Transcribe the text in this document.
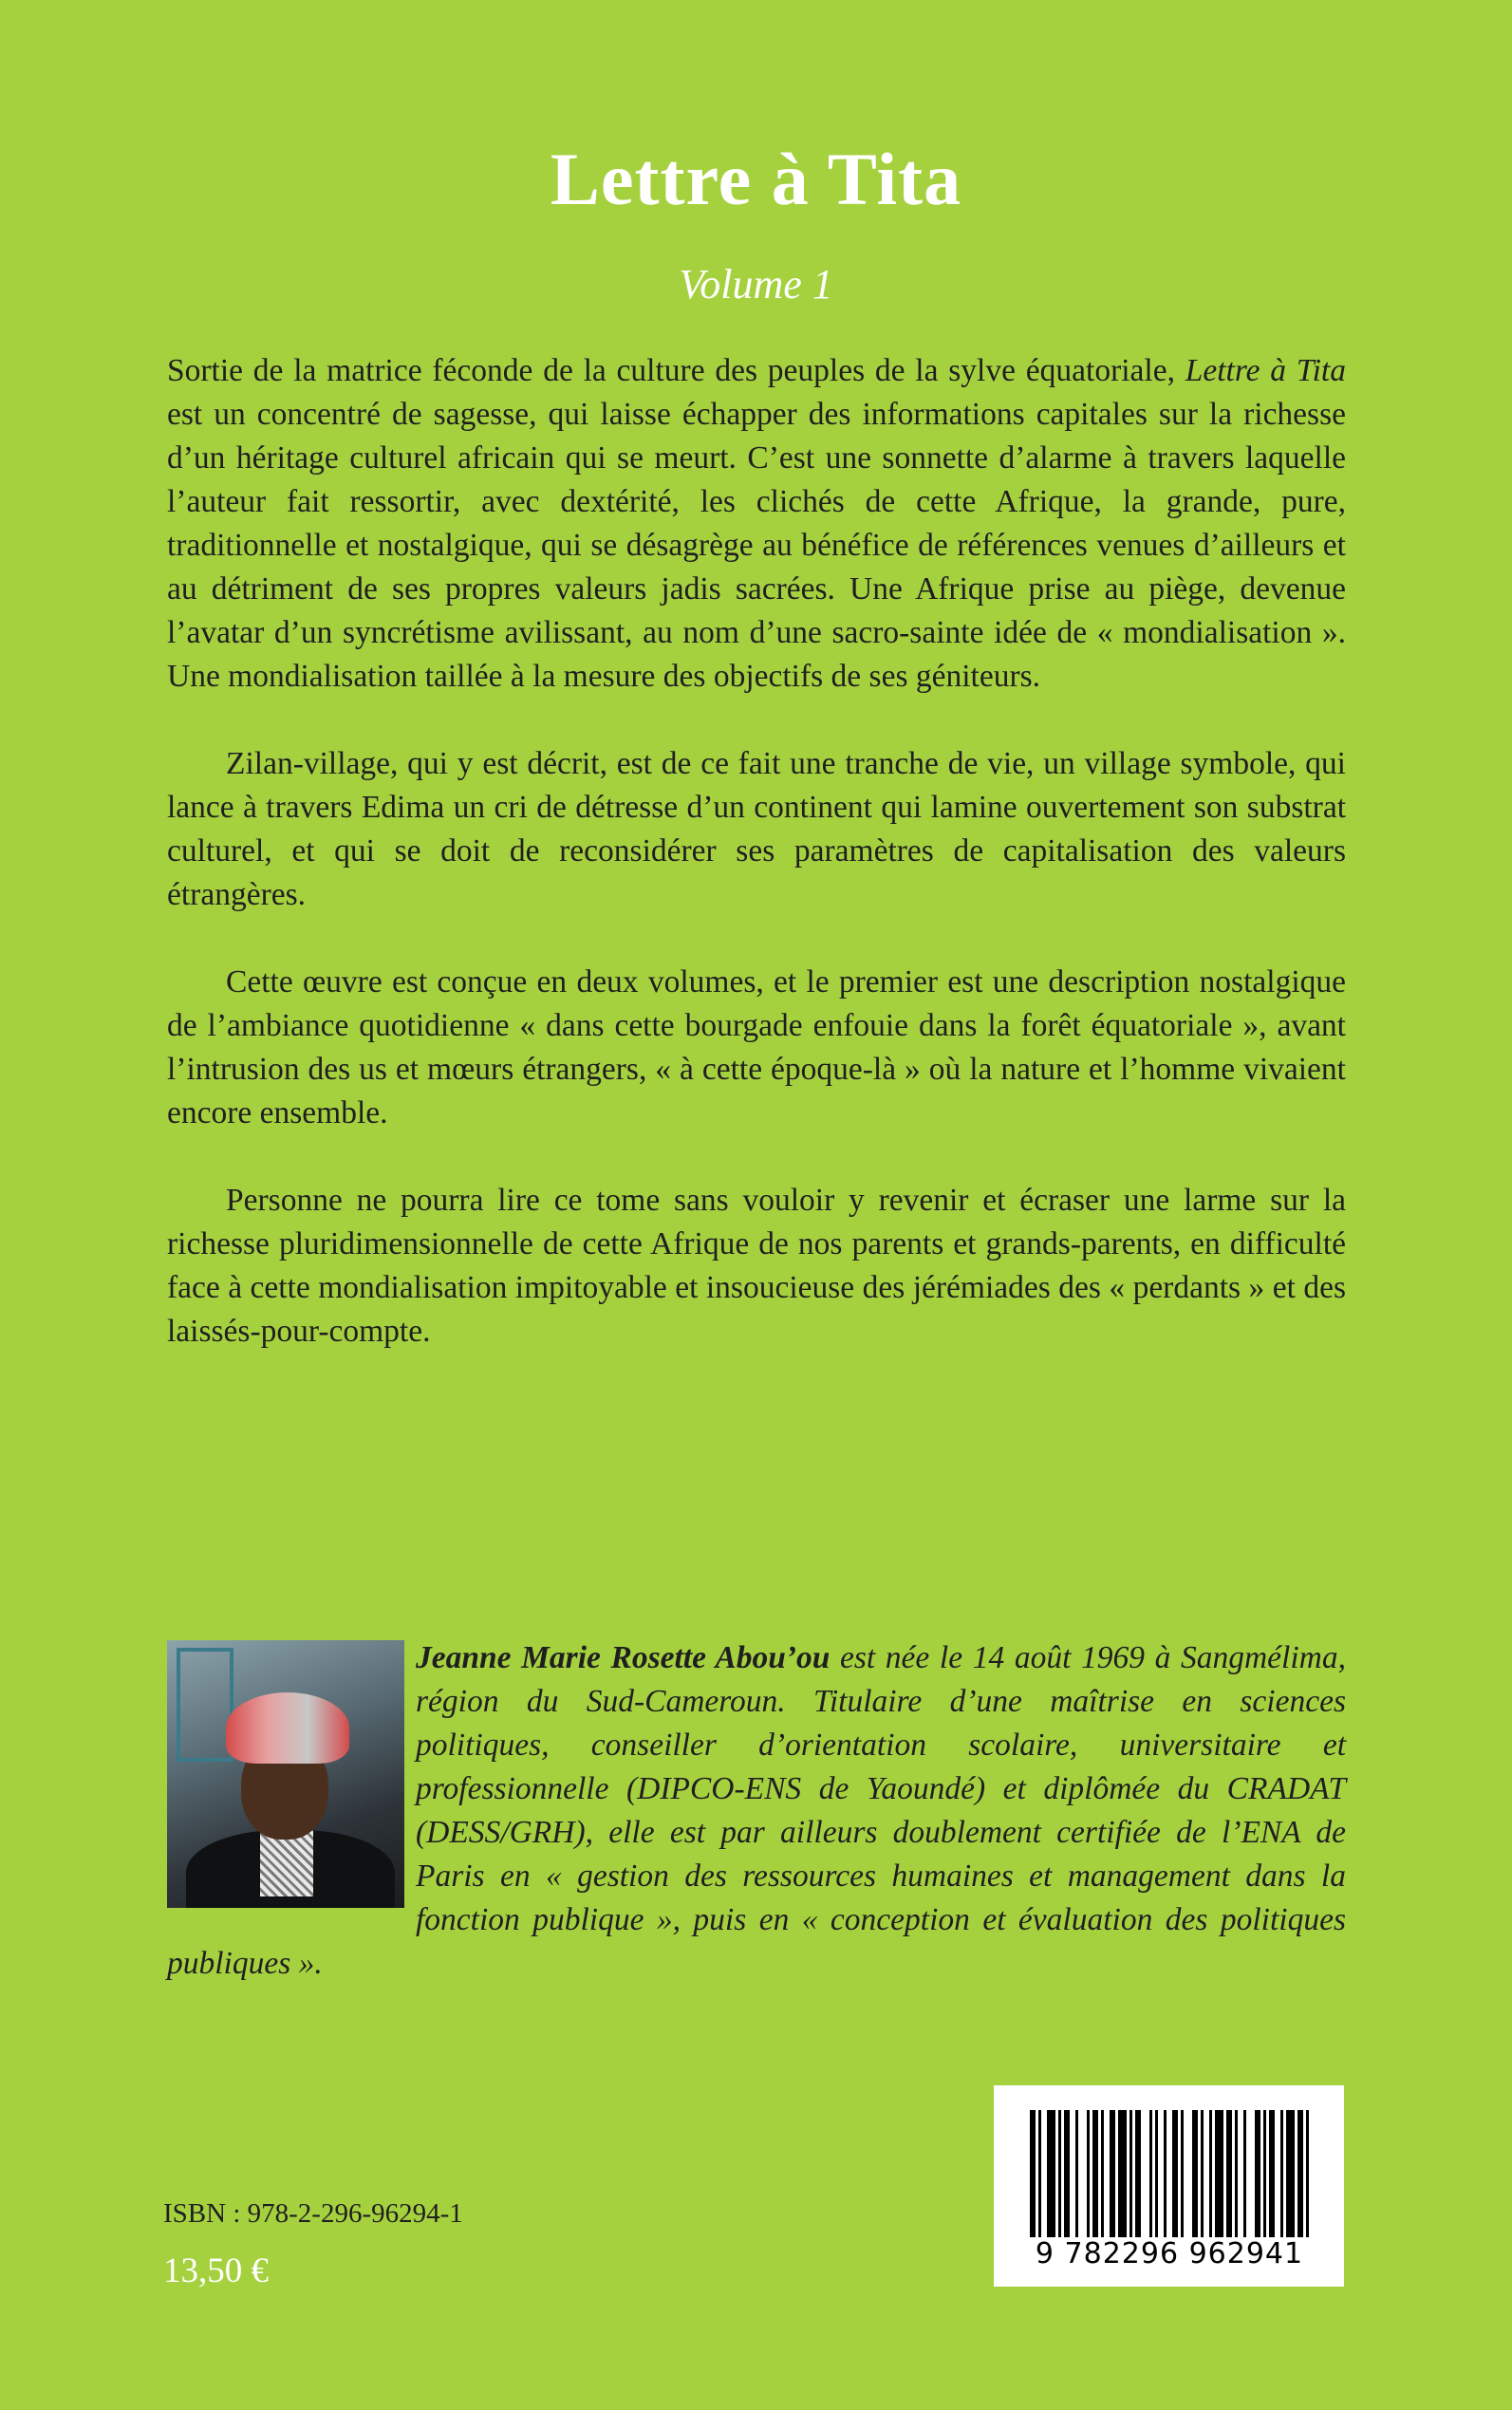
Lettre à Tita
Volume 1

Sortie de la matrice féconde de la culture des peuples de la sylve équatoriale, Lettre à Tita est un concentré de sagesse, qui laisse échapper des informations capitales sur la richesse d’un héritage culturel africain qui se meurt. C’est une sonnette d’alarme à travers laquelle l’auteur fait ressortir, avec dextérité, les clichés de cette Afrique, la grande, pure, traditionnelle et nostalgique, qui se désagrège au bénéfice de références venues d’ailleurs et au détriment de ses propres valeurs jadis sacrées. Une Afrique prise au piège, devenue l’avatar d’un syncrétisme avilissant, au nom d’une sacro-sainte idée de « mondialisation ». Une mondialisation taillée à la mesure des objectifs de ses géniteurs.

Zilan-village, qui y est décrit, est de ce fait une tranche de vie, un village symbole, qui lance à travers Edima un cri de détresse d’un continent qui lamine ouvertement son substrat culturel, et qui se doit de reconsidérer ses paramètres de capitalisation des valeurs étrangères.

Cette œuvre est conçue en deux volumes, et le premier est une description nostalgique de l’ambiance quotidienne « dans cette bourgade enfouie dans la forêt équatoriale », avant l’intrusion des us et mœurs étrangers, « à cette époque-là » où la nature et l’homme vivaient encore ensemble.

Personne ne pourra lire ce tome sans vouloir y revenir et écraser une larme sur la richesse pluridimensionnelle de cette Afrique de nos parents et grands-parents, en difficulté face à cette mondialisation impitoyable et insoucieuse des jérémiades des « perdants » et des laissés-pour-compte.

Jeanne Marie Rosette Abou’ou est née le 14 août 1969 à Sangmélima, région du Sud-Cameroun. Titulaire d’une maîtrise en sciences politiques, conseiller d’orientation scolaire, universitaire et professionnelle (DIPCO-ENS de Yaoundé) et diplômée du CRADAT (DESS/GRH), elle est par ailleurs doublement certifiée de l’ENA de Paris en « gestion des ressources humaines et management dans la fonction publique », puis en « conception et évaluation des politiques publiques ».
ISBN : 978-2-296-96294-1
13,50 €	9 782296 962941
